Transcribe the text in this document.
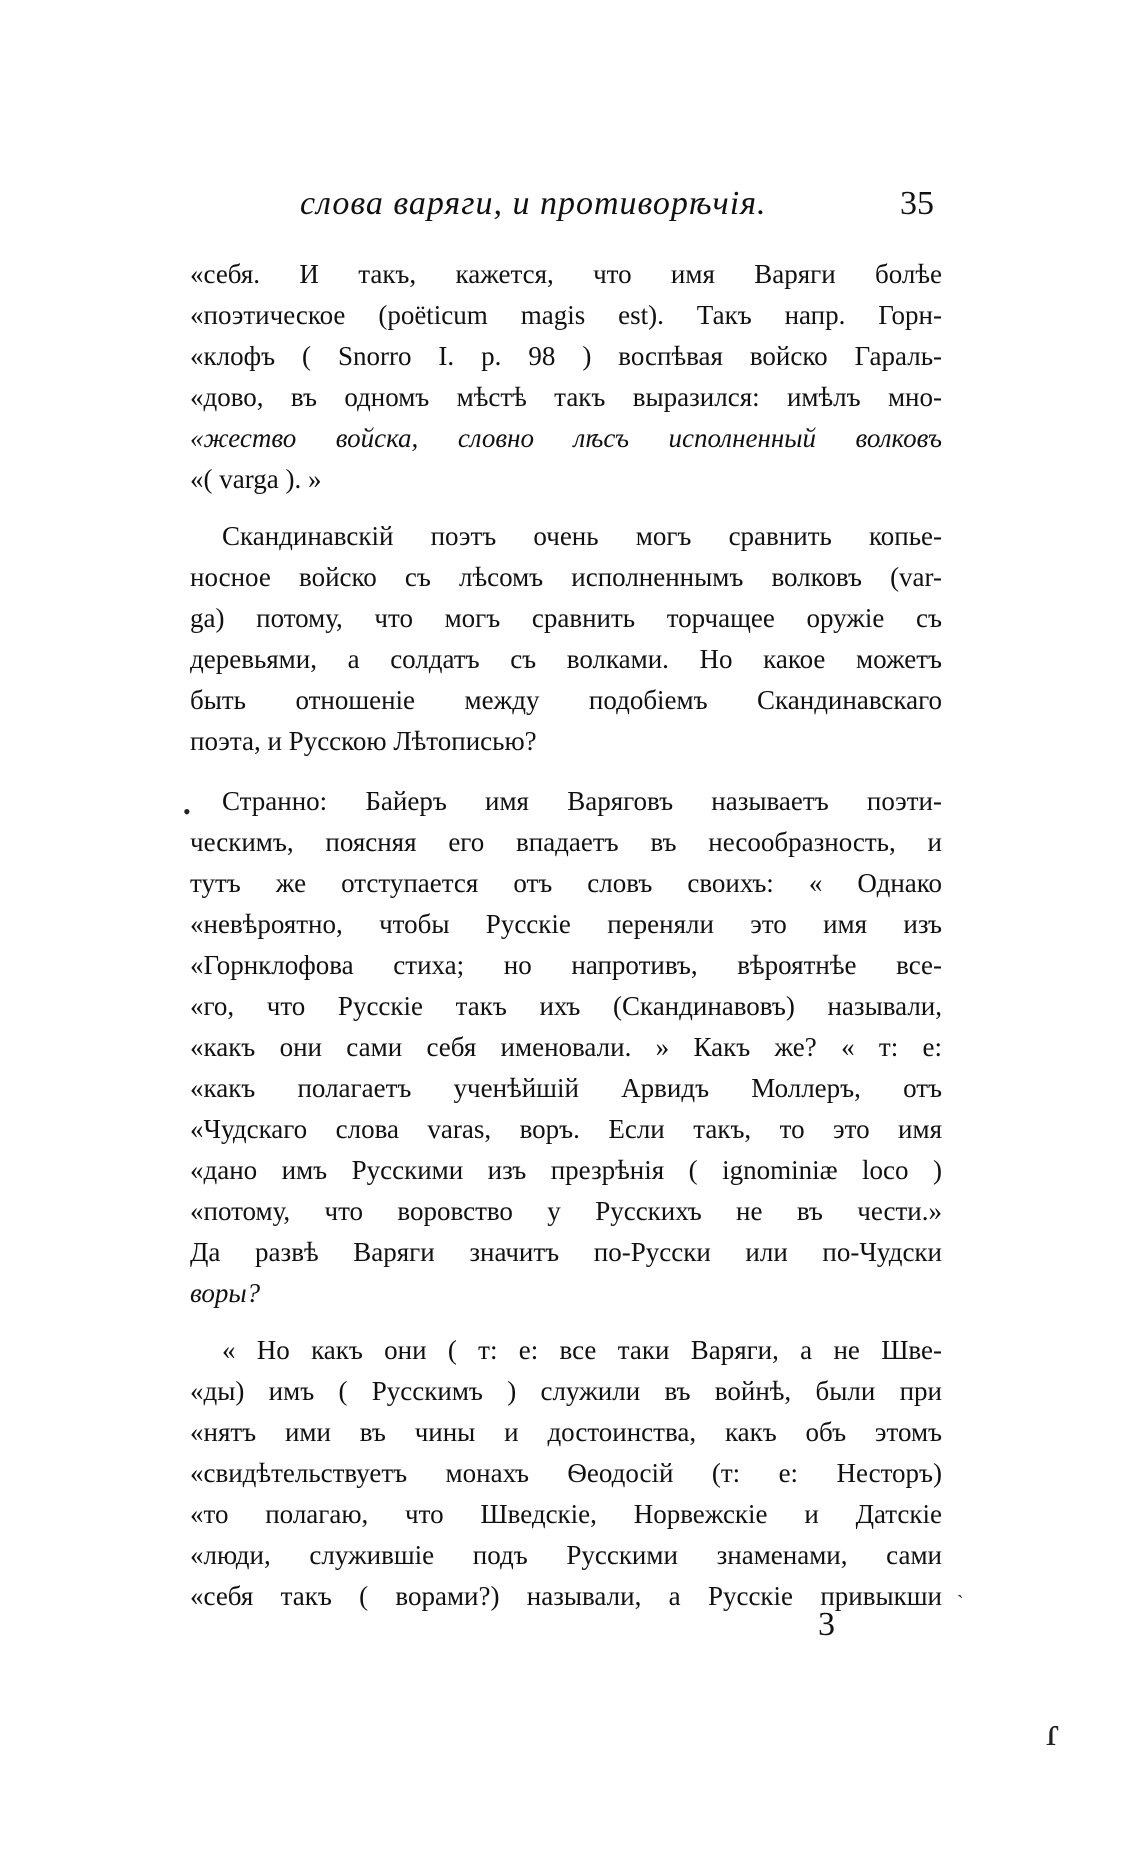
слова варяги, и противорѣчія.	35
«себя. И такъ, кажется, что имя Варяги болѣе
«поэтическое (poëticum magis est). Такъ напр. Горн-
«клофъ ( Snorro I. p. 98 ) воспѣвая войско Гараль-
«дово, въ одномъ мѣстѣ такъ выразился: имѣлъ мно-
«жество войска, словно лѣсъ исполненный волковъ
«( varga ). »
Скандинавскій поэтъ очень могъ сравнить копье-
носное войско съ лѣсомъ исполненнымъ волковъ (var-
ga) потому, что могъ сравнить торчащее оружіе съ
деревьями, а солдатъ съ волками. Но какое можетъ
быть отношеніе между подобіемъ Скандинавскаго
поэта, и Русскою Лѣтописью?
Странно: Байеръ имя Варяговъ называетъ поэти-
ческимъ, поясняя его впадаетъ въ несообразность, и
тутъ же отступается отъ словъ своихъ: « Однако
«невѣроятно, чтобы Русскіе переняли это имя изъ
«Горнклофова стиха; но напротивъ, вѣроятнѣе все-
«го, что Русскіе такъ ихъ (Скандинавовъ) называли,
«какъ они сами себя именовали. » Какъ же? « т: е:
«какъ полагаетъ ученѣйшій Арвидъ Моллеръ, отъ
«Чудскаго слова varas, воръ. Если такъ, то это имя
«дано имъ Русскими изъ презрѣнія ( ignominiæ loco )
«потому, что воровство у Русскихъ не въ чести.»
Да развѣ Варяги значитъ по-Русски или по-Чудски
воры?
« Но какъ они ( т: е: все таки Варяги, а не Шве-
«ды) имъ ( Русскимъ ) служили въ войнѣ, были при
«нятъ ими въ чины и достоинства, какъ объ этомъ
«свидѣтельствуетъ монахъ Ѳеодосій (т: е: Несторъ)
«то полагаю, что Шведскіе, Норвежскіе и Датскіе
«люди, служившіе подъ Русскими знаменами, сами
«себя такъ ( ворами?) называли, а Русскіе привыкши
3
ɾ
ˋ
•
